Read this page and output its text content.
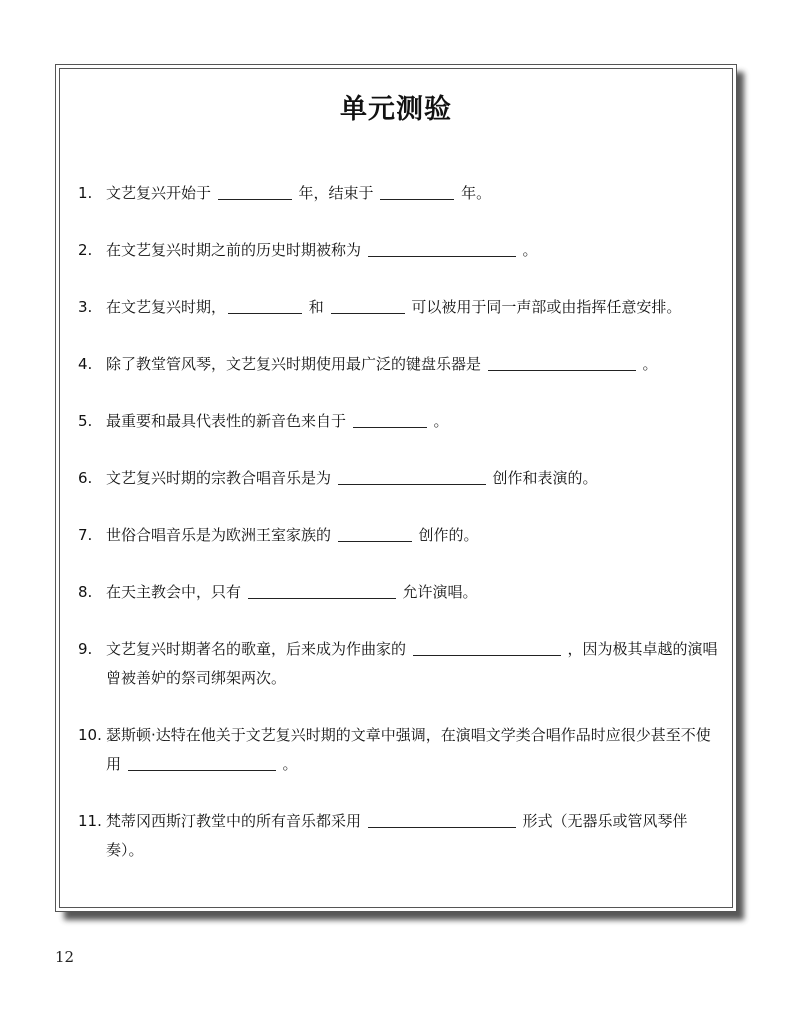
单元测验
1. 文艺复兴开始于	年，结束于	年。
2. 在文艺复兴时期之前的历史时期被称为	。
3. 在文艺复兴时期，	和	可以被用于同一声部或由指挥任意安排。
4. 除了教堂管风琴，文艺复兴时期使用最广泛的键盘乐器是	。
5. 最重要和最具代表性的新音色来自于	。
6. 文艺复兴时期的宗教合唱音乐是为	创作和表演的。
7. 世俗合唱音乐是为欧洲王室家族的	创作的。
8. 在天主教会中，只有	允许演唱。
9. 文艺复兴时期著名的歌童，后来成为作曲家的	，因为极其卓越的演唱曾被善妒的祭司绑架两次。
10. 瑟斯顿·达特在他关于文艺复兴时期的文章中强调，在演唱文学类合唱作品时应很少甚至不使用	。
11. 梵蒂冈西斯汀教堂中的所有音乐都采用	形式（无器乐或管风琴伴奏）。
12
